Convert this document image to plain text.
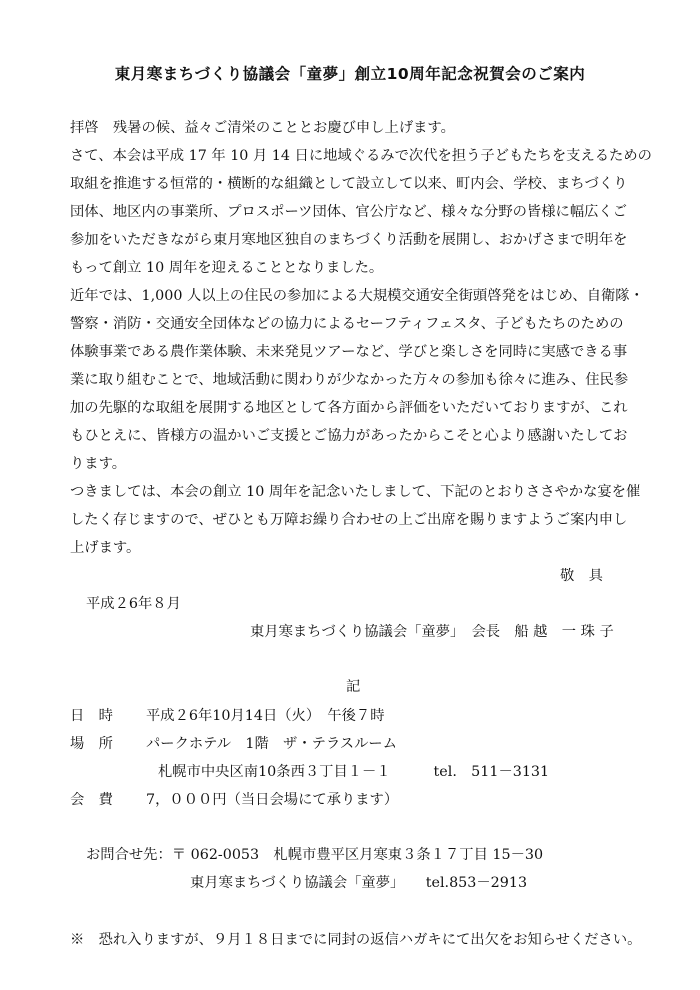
東月寒まちづくり協議会「童夢」創立10周年記念祝賀会のご案内
拝啓　残暑の候、益々ご清栄のこととお慶び申し上げます。
さて、本会は平成 17 年 10 月 14 日に地域ぐるみで次代を担う子どもたちを支えるための
取組を推進する恒常的・横断的な組織として設立して以来、町内会、学校、まちづくり
団体、地区内の事業所、プロスポーツ団体、官公庁など、様々な分野の皆様に幅広くご
参加をいただきながら東月寒地区独自のまちづくり活動を展開し、おかげさまで明年を
もって創立 10 周年を迎えることとなりました。
近年では、1,000 人以上の住民の参加による大規模交通安全街頭啓発をはじめ、自衛隊・
警察・消防・交通安全団体などの協力によるセーフティフェスタ、子どもたちのための
体験事業である農作業体験、未来発見ツアーなど、学びと楽しさを同時に実感できる事
業に取り組むことで、地域活動に関わりが少なかった方々の参加も徐々に進み、住民参
加の先駆的な取組を展開する地区として各方面から評価をいただいておりますが、これ
もひとえに、皆様方の温かいご支援とご協力があったからこそと心より感謝いたしてお
ります。
つきましては、本会の創立 10 周年を記念いたしまして、下記のとおりささやかな宴を催
したく存じますので、ぜひとも万障お繰り合わせの上ご出席を賜りますようご案内申し
上げます。
敬　具
平成２6年８月
東月寒まちづくり協議会「童夢」　会長　船 越　一 珠 子
記
日　時 平成２6年10月14日（火）　午後７時
場　所 パークホテル　1階　ザ・テラスルーム
札幌市中央区南10条西３丁目１－１　　　tel.　511－3131
会　費 7，０００円（当日会場にて承ります）
お問合せ先：〒 062-0053　札幌市豊平区月寒東３条１７丁目 15－30
東月寒まちづくり協議会「童夢」　　tel.853－2913
※　恐れ入りますが、９月１８日までに同封の返信ハガキにて出欠をお知らせください。
